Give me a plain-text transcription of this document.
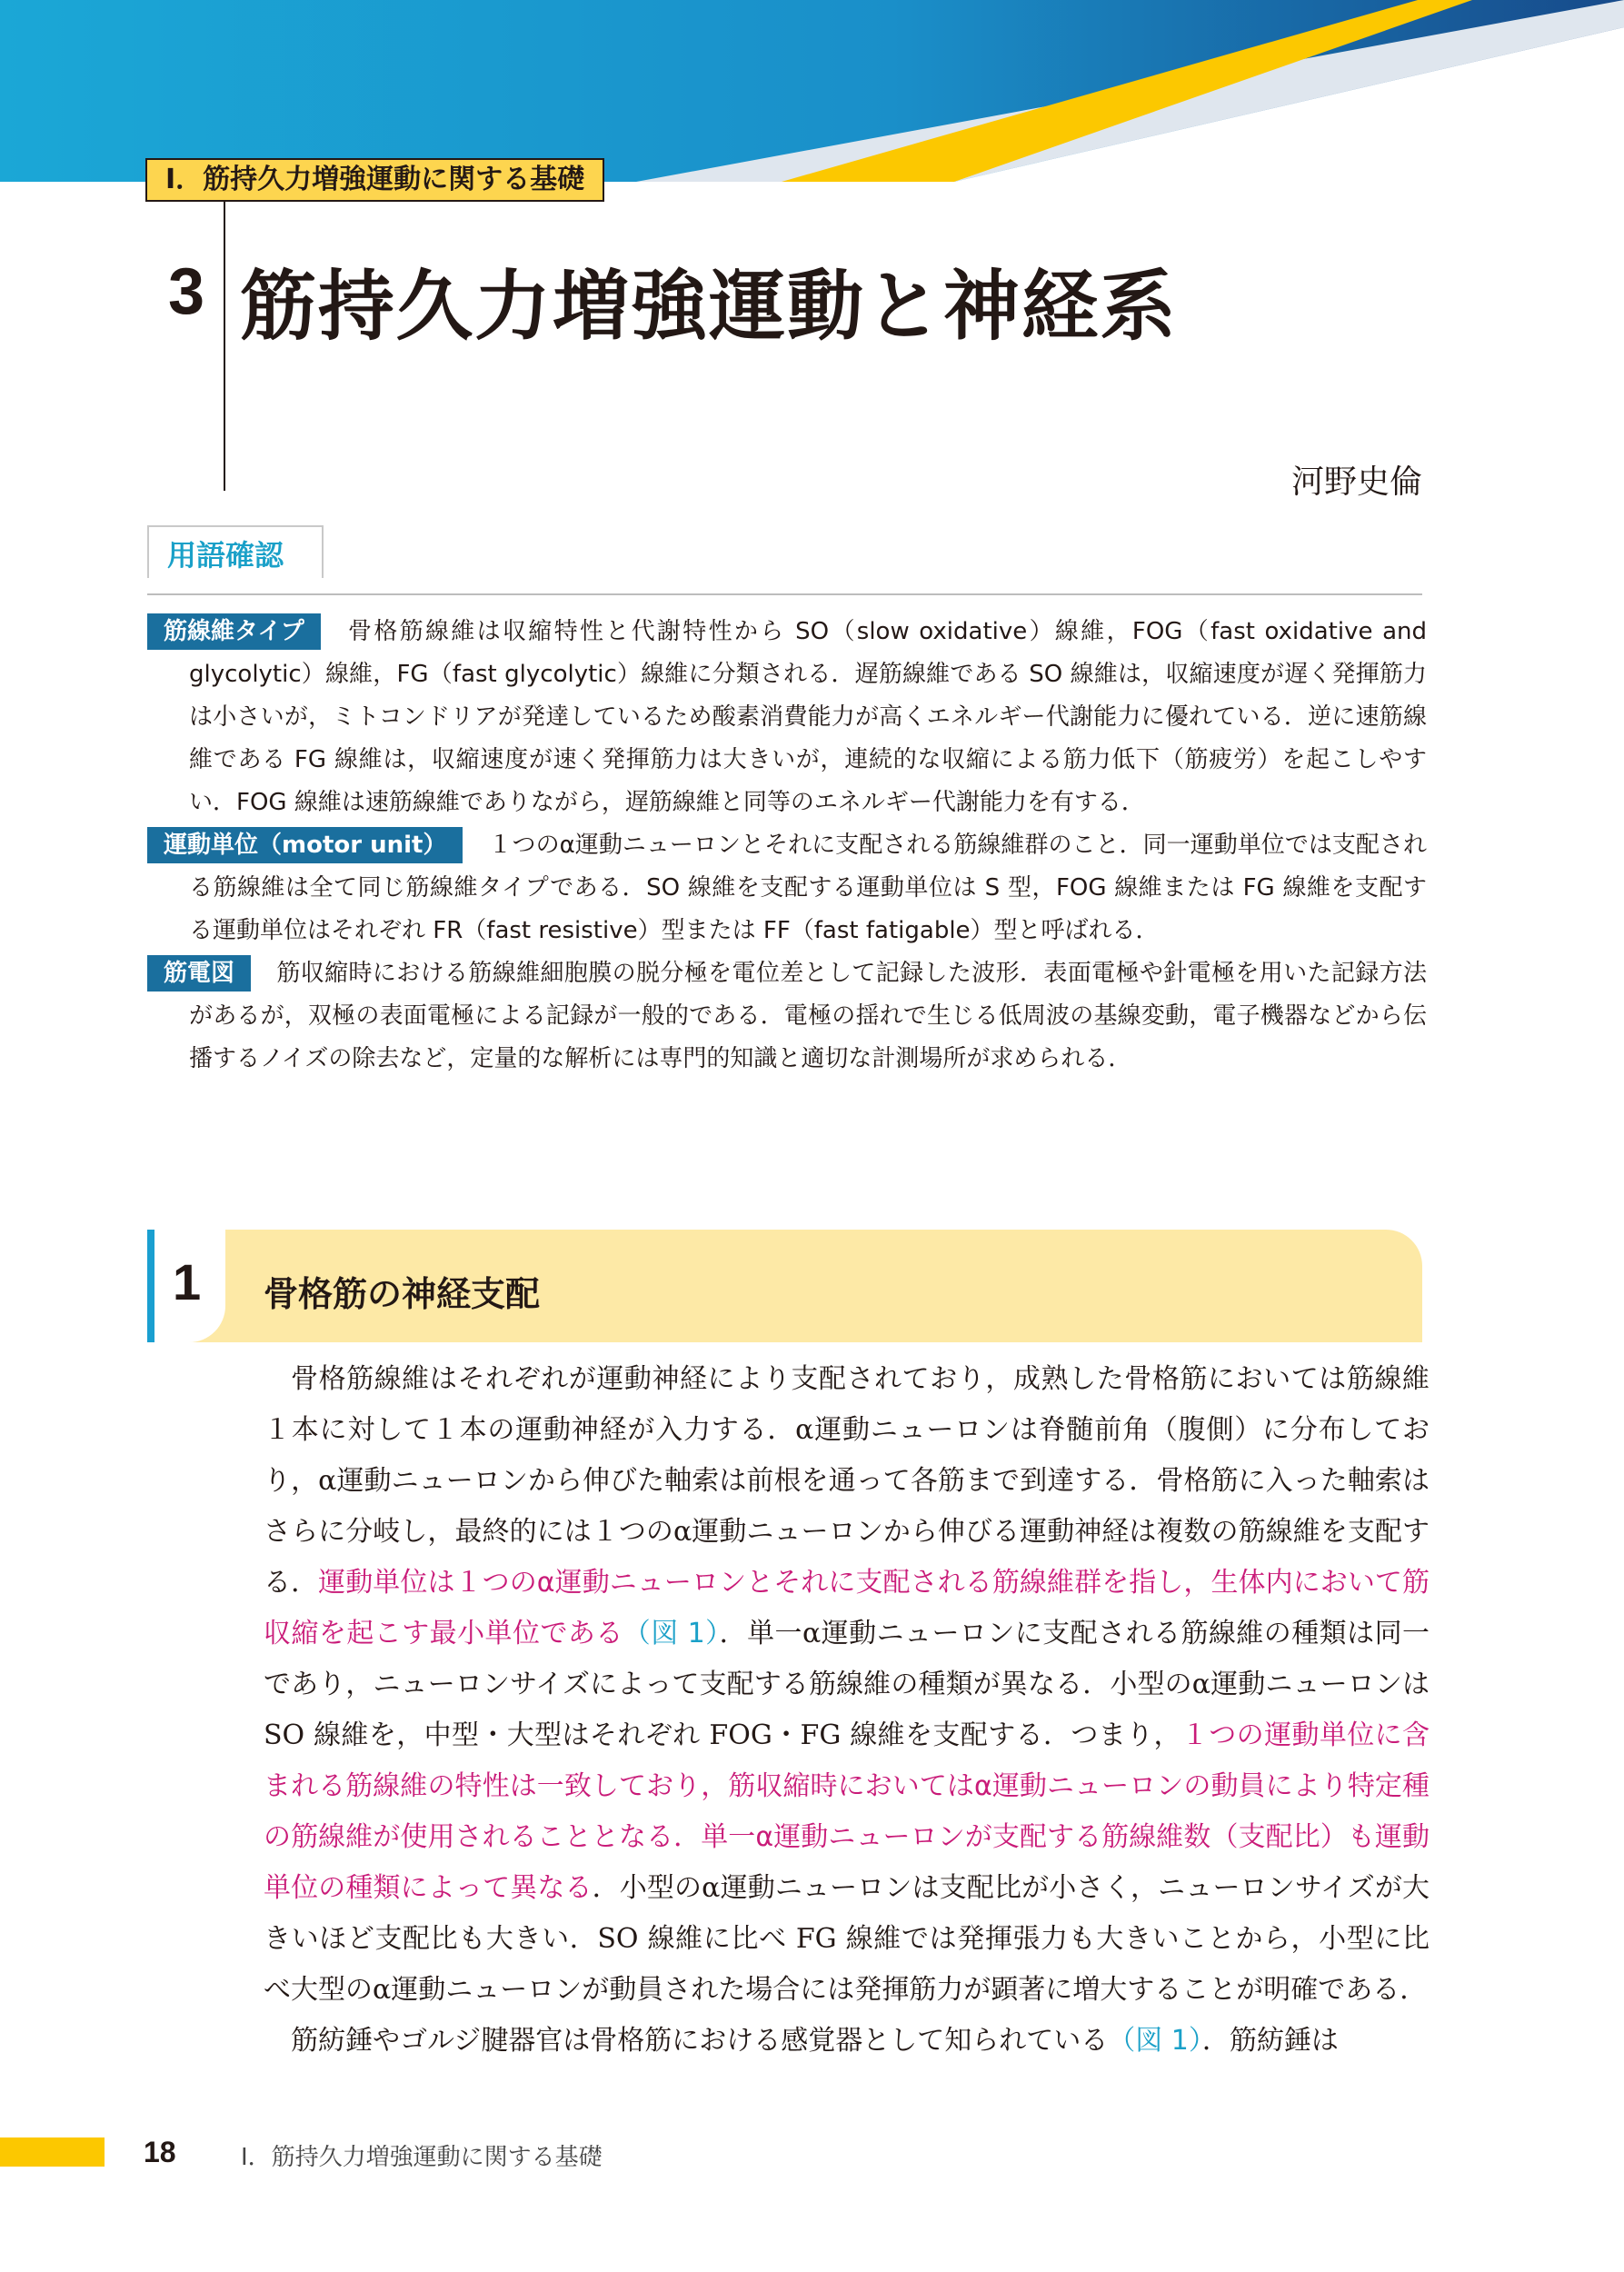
Ⅰ．筋持久力増強運動に関する基礎
3 筋持久力増強運動と神経系
河野史倫
用語確認

筋線維タイプ 骨格筋線維は収縮特性と代謝特性から SO（slow oxidative）線維，FOG（fast oxidative and glycolytic）線維，FG（fast glycolytic）線維に分類される．遅筋線維である SO 線維は，収縮速度が遅く発揮筋力は小さいが，ミトコンドリアが発達しているため酸素消費能力が高くエネルギー代謝能力に優れている．逆に速筋線維である FG 線維は，収縮速度が速く発揮筋力は大きいが，連続的な収縮による筋力低下（筋疲労）を起こしやすい．FOG 線維は速筋線維でありながら，遅筋線維と同等のエネルギー代謝能力を有する．

運動単位（motor unit） １つのα運動ニューロンとそれに支配される筋線維群のこと．同一運動単位では支配される筋線維は全て同じ筋線維タイプである．SO 線維を支配する運動単位は S 型，FOG 線維または FG 線維を支配する運動単位はそれぞれ FR（fast resistive）型または FF（fast fatigable）型と呼ばれる．

筋電図 筋収縮時における筋線維細胞膜の脱分極を電位差として記録した波形．表面電極や針電極を用いた記録方法があるが，双極の表面電極による記録が一般的である．電極の揺れで生じる低周波の基線変動，電子機器などから伝播するノイズの除去など，定量的な解析には専門的知識と適切な計測場所が求められる．

1 骨格筋の神経支配

骨格筋線維はそれぞれが運動神経により支配されており，成熟した骨格筋においては筋線維１本に対して１本の運動神経が入力する．α運動ニューロンは脊髄前角（腹側）に分布しており，α運動ニューロンから伸びた軸索は前根を通って各筋まで到達する．骨格筋に入った軸索はさらに分岐し，最終的には１つのα運動ニューロンから伸びる運動神経は複数の筋線維を支配する．運動単位は１つのα運動ニューロンとそれに支配される筋線維群を指し，生体内において筋収縮を起こす最小単位である（図 1）．単一α運動ニューロンに支配される筋線維の種類は同一であり，ニューロンサイズによって支配する筋線維の種類が異なる．小型のα運動ニューロンは SO 線維を，中型・大型はそれぞれ FOG・FG 線維を支配する．つまり，１つの運動単位に含まれる筋線維の特性は一致しており，筋収縮時においてはα運動ニューロンの動員により特定種の筋線維が使用されることとなる．単一α運動ニューロンが支配する筋線維数（支配比）も運動単位の種類によって異なる．小型のα運動ニューロンは支配比が小さく，ニューロンサイズが大きいほど支配比も大きい．SO 線維に比べ FG 線維では発揮張力も大きいことから，小型に比べ大型のα運動ニューロンが動員された場合には発揮筋力が顕著に増大することが明確である．

筋紡錘やゴルジ腱器官は骨格筋における感覚器として知られている（図 1）．筋紡錘は

18	Ⅰ．筋持久力増強運動に関する基礎
